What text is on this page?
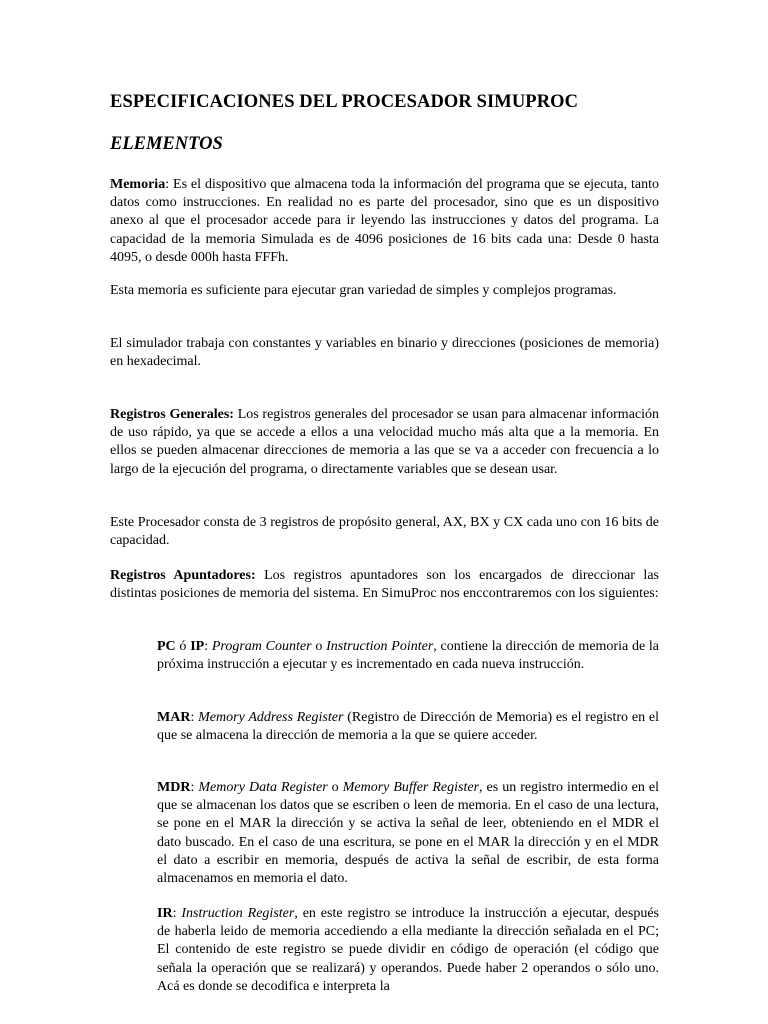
ESPECIFICACIONES DEL PROCESADOR SIMUPROC
ELEMENTOS

Memoria: Es el dispositivo que almacena toda la información del programa que se ejecuta, tanto datos como instrucciones. En realidad no es parte del procesador, sino que es un dispositivo anexo al que el procesador accede para ir leyendo las instrucciones y datos del programa. La capacidad de la memoria Simulada es de 4096 posiciones de 16 bits cada una: Desde 0 hasta 4095, o desde 000h hasta FFFh.

Esta memoria es suficiente para ejecutar gran variedad de simples y complejos programas.

El simulador trabaja con constantes y variables en binario y direcciones (posiciones de memoria) en hexadecimal.

Registros Generales: Los registros generales del procesador se usan para almacenar información de uso rápido, ya que se accede a ellos a una velocidad mucho más alta que a la memoria. En ellos se pueden almacenar direcciones de memoria a las que se va a acceder con frecuencia a lo largo de la ejecución del programa, o directamente variables que se desean usar.

Este Procesador consta de 3 registros de propósito general, AX, BX y CX cada uno con 16 bits de capacidad.

Registros Apuntadores: Los registros apuntadores son los encargados de direccionar las distintas posiciones de memoria del sistema. En SimuProc nos enccontraremos con los siguientes:

PC ó IP: Program Counter o Instruction Pointer, contiene la dirección de memoria de la próxima instrucción a ejecutar y es incrementado en cada nueva instrucción.

MAR: Memory Address Register (Registro de Dirección de Memoria) es el registro en el que se almacena la dirección de memoria a la que se quiere acceder.

MDR: Memory Data Register o Memory Buffer Register, es un registro intermedio en el que se almacenan los datos que se escriben o leen de memoria. En el caso de una lectura, se pone en el MAR la dirección y se activa la señal de leer, obteniendo en el MDR el dato buscado. En el caso de una escritura, se pone en el MAR la dirección y en el MDR el dato a escribir en memoria, después de activa la señal de escribir, de esta forma almacenamos en memoria el dato.

IR: Instruction Register, en este registro se introduce la instrucción a ejecutar, después de haberla leido de memoria accediendo a ella mediante la dirección señalada en el PC; El contenido de este registro se puede dividir en código de operación (el código que señala la operación que se realizará) y operandos. Puede haber 2 operandos o sólo uno. Acá es donde se decodifica e interpreta la
